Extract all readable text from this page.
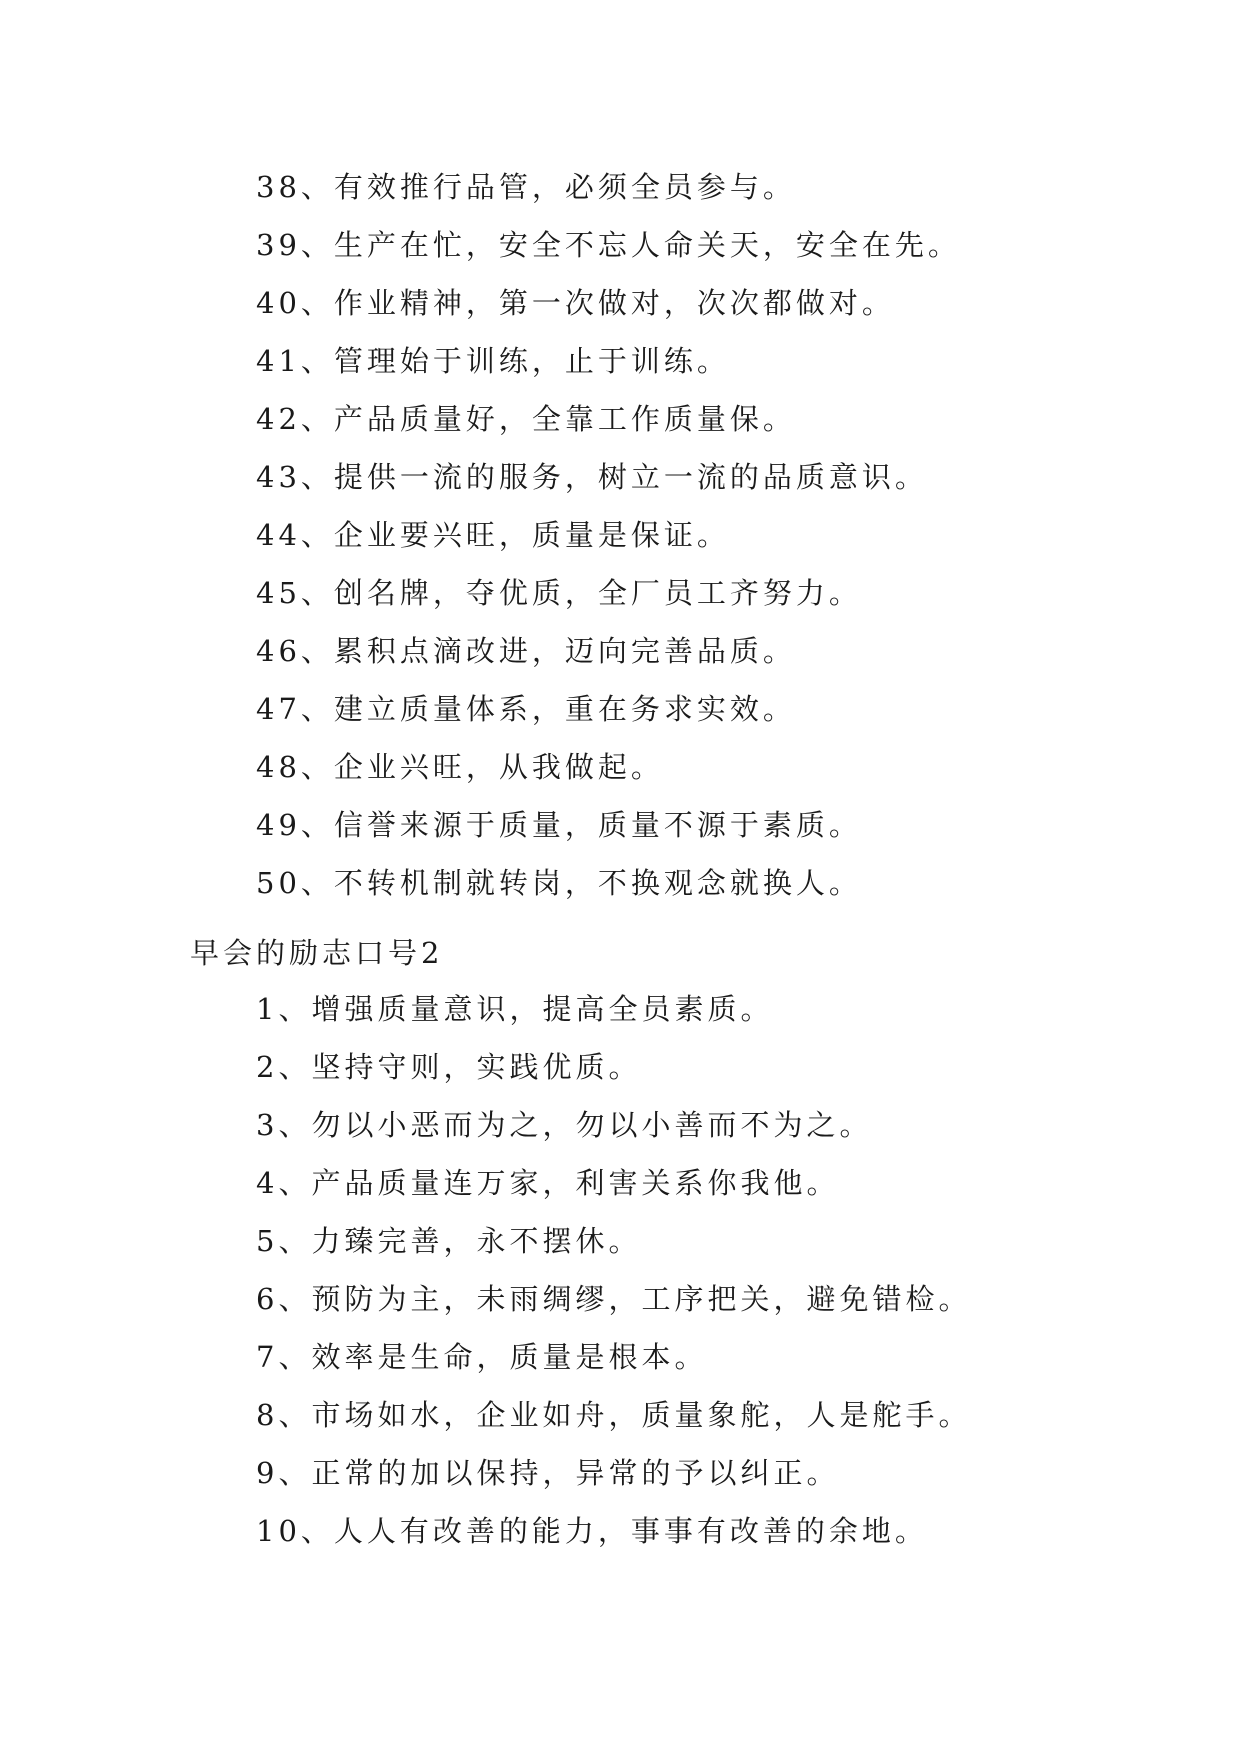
38、有效推行品管，必须全员参与。
39、生产在忙，安全不忘人命关天，安全在先。
40、作业精神，第一次做对，次次都做对。
41、管理始于训练，止于训练。
42、产品质量好，全靠工作质量保。
43、提供一流的服务，树立一流的品质意识。
44、企业要兴旺，质量是保证。
45、创名牌，夺优质，全厂员工齐努力。
46、累积点滴改进，迈向完善品质。
47、建立质量体系，重在务求实效。
48、企业兴旺，从我做起。
49、信誉来源于质量，质量不源于素质。
50、不转机制就转岗，不换观念就换人。
早会的励志口号2
1、增强质量意识，提高全员素质。
2、坚持守则，实践优质。
3、勿以小恶而为之，勿以小善而不为之。
4、产品质量连万家，利害关系你我他。
5、力臻完善，永不摆休。
6、预防为主，未雨绸缪，工序把关，避免错检。
7、效率是生命，质量是根本。
8、市场如水，企业如舟，质量象舵，人是舵手。
9、正常的加以保持，异常的予以纠正。
10、人人有改善的能力，事事有改善的余地。
